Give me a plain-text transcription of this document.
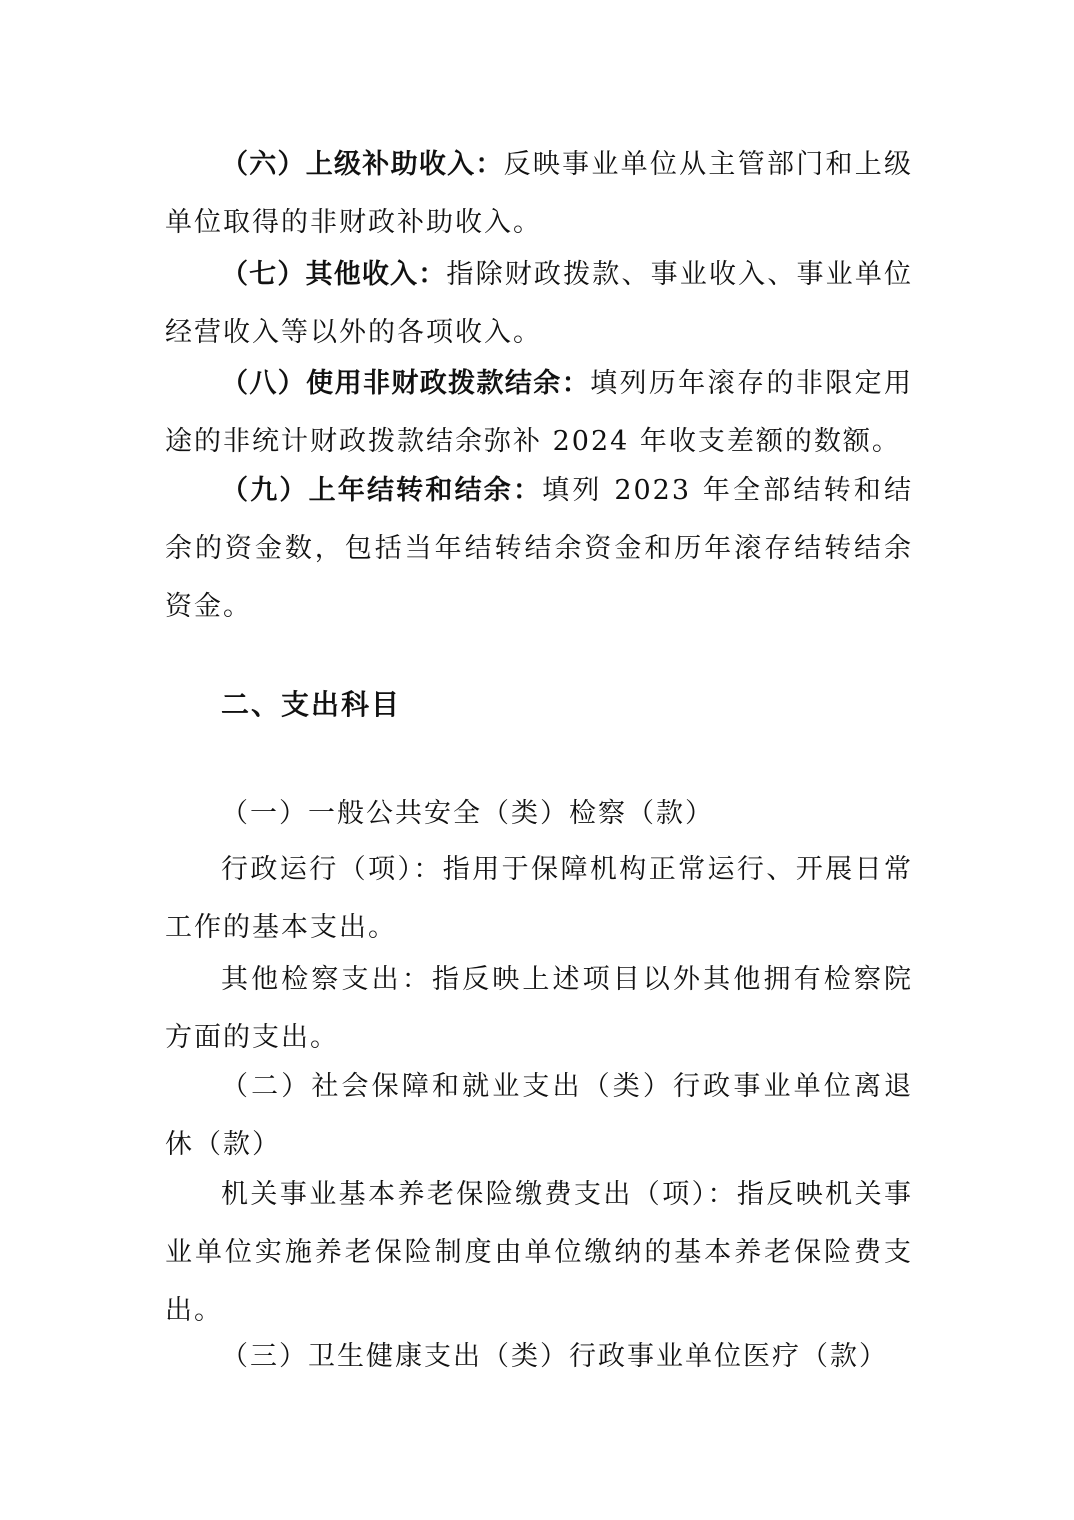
（六）上级补助收入：反映事业单位从主管部门和上级单位取得的非财政补助收入。

（七）其他收入：指除财政拨款、事业收入、事业单位经营收入等以外的各项收入。

（八）使用非财政拨款结余：填列历年滚存的非限定用途的非统计财政拨款结余弥补 2024 年收支差额的数额。

（九）上年结转和结余：填列 2023 年全部结转和结余的资金数，包括当年结转结余资金和历年滚存结转结余资金。

二、支出科目

（一）一般公共安全（类）检察（款）

行政运行（项）：指用于保障机构正常运行、开展日常工作的基本支出。

其他检察支出：指反映上述项目以外其他拥有检察院方面的支出。

（二）社会保障和就业支出（类）行政事业单位离退休（款）

机关事业基本养老保险缴费支出（项）：指反映机关事业单位实施养老保险制度由单位缴纳的基本养老保险费支出。

（三）卫生健康支出（类）行政事业单位医疗（款）
